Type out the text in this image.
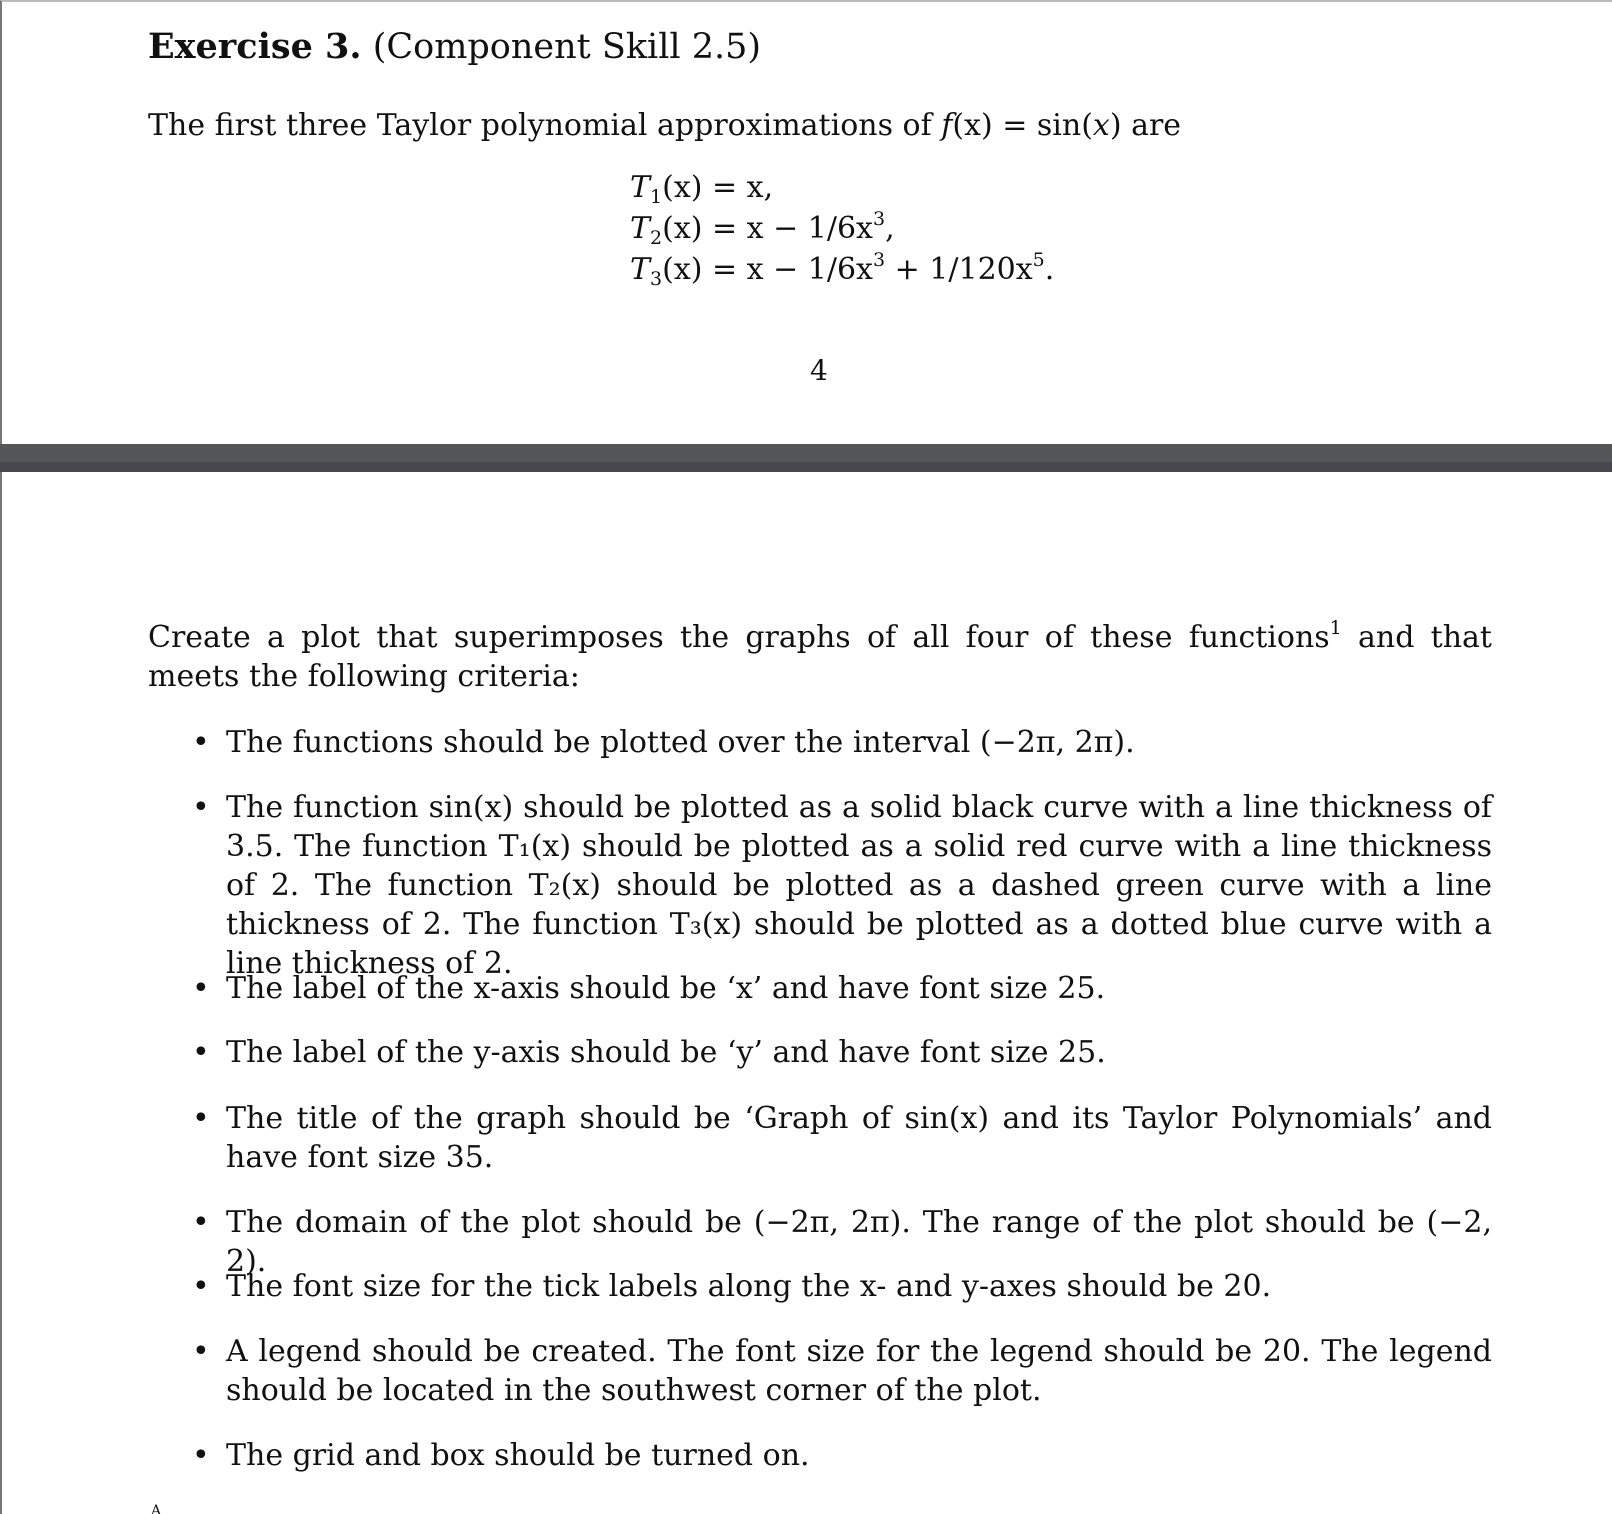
Exercise 3. (Component Skill 2.5)
The first three Taylor polynomial approximations of f(x) = sin(x) are
$T_1(x) = x$,
$T_2(x) = x - 1/6x^3$,
$T_3(x) = x - 1/6x^3 + 1/120x^5$.
4
Create a plot that superimposes the graphs of all four of these functions$^1$ and that meets the following criteria:
• The functions should be plotted over the interval (−2π, 2π).
• The function sin(x) should be plotted as a solid black curve with a line thickness of 3.5. The function T₁(x) should be plotted as a solid red curve with a line thickness of 2. The function T₂(x) should be plotted as a dashed green curve with a line thickness of 2. The function T₃(x) should be plotted as a dotted blue curve with a line thickness of 2.
• The label of the x-axis should be ‘x’ and have font size 25.
• The label of the y-axis should be ‘y’ and have font size 25.
• The title of the graph should be ‘Graph of sin(x) and its Taylor Polynomials’ and have font size 35.
• The domain of the plot should be (−2π, 2π). The range of the plot should be (−2, 2).
• The font size for the tick labels along the x- and y-axes should be 20.
• A legend should be created. The font size for the legend should be 20. The legend should be located in the southwest corner of the plot.
• The grid and box should be turned on.
A
